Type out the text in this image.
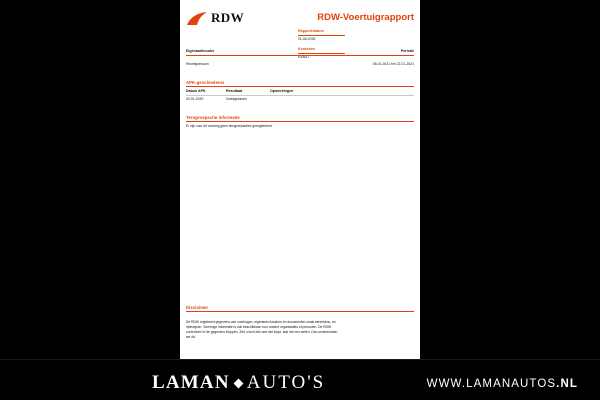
RDW	RDW-Voertuigrapport
Rapportdatum
21-06-2025

Kenteken
K346LT
Eigenaar/houder	Periode
Rechtspersoon	05-01-2021 t/m 22-01-2021
APK-geschiedenis
Datum APK	Resultaat	Opmerkingen
02-01-2020	Goedgekeurd
Terugroepactie informatie
Er zijn voor dit voertuig geen terugroepacties geregistreerd.
Disclaimer
De RDW registreert gegevens van voertuigen, eigenaren/houders en documenten zoals kentekens- en
rijbewijzen. Sommige informatie is ook beschikbaar voor andere organisaties of personen. De RDW
controleert of de gegevens kloppen. Ziet u toch iets wat niet klopt, laat het ons weten. Dan onderzoeken
we dit.
LAMAN AUTO'S	WWW.LAMANAUTOS.NL
